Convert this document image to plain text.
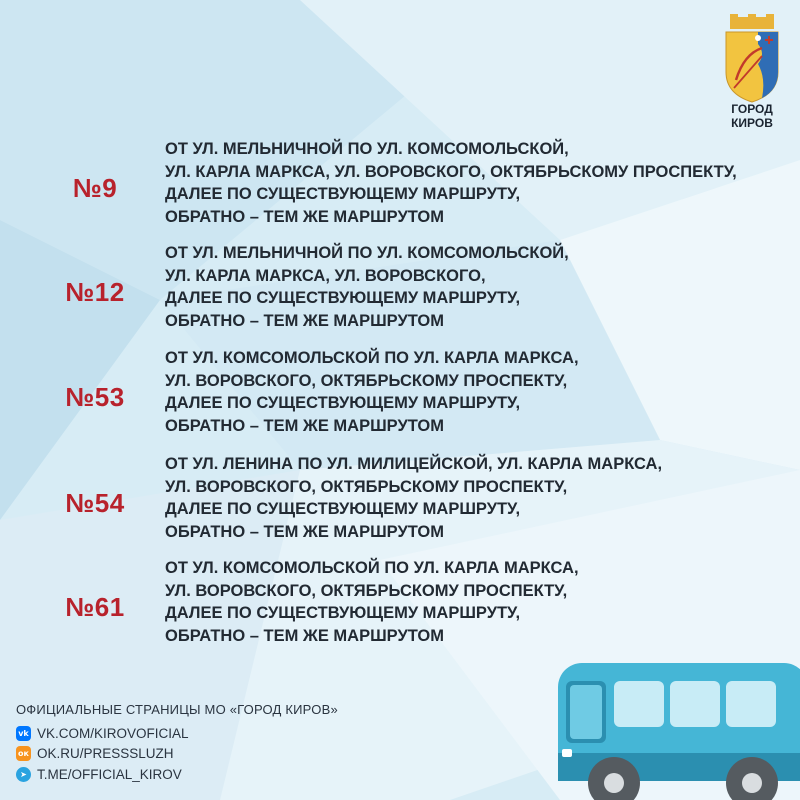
ГОРОД
КИРОВ
№9
ОТ УЛ. МЕЛЬНИЧНОЙ ПО УЛ. КОМСОМОЛЬСКОЙ,
УЛ. КАРЛА МАРКСА, УЛ. ВОРОВСКОГО, ОКТЯБРЬСКОМУ ПРОСПЕКТУ,
ДАЛЕЕ ПО СУЩЕСТВУЮЩЕМУ МАРШРУТУ,
ОБРАТНО – ТЕМ ЖЕ МАРШРУТОМ
№12
ОТ УЛ. МЕЛЬНИЧНОЙ ПО УЛ. КОМСОМОЛЬСКОЙ,
УЛ. КАРЛА МАРКСА, УЛ. ВОРОВСКОГО,
ДАЛЕЕ ПО СУЩЕСТВУЮЩЕМУ МАРШРУТУ,
ОБРАТНО – ТЕМ ЖЕ МАРШРУТОМ
№53
ОТ УЛ. КОМСОМОЛЬСКОЙ ПО УЛ. КАРЛА МАРКСА,
УЛ. ВОРОВСКОГО, ОКТЯБРЬСКОМУ ПРОСПЕКТУ,
ДАЛЕЕ ПО СУЩЕСТВУЮЩЕМУ МАРШРУТУ,
ОБРАТНО – ТЕМ ЖЕ МАРШРУТОМ
№54
ОТ УЛ. ЛЕНИНА ПО УЛ. МИЛИЦЕЙСКОЙ, УЛ. КАРЛА МАРКСА,
УЛ. ВОРОВСКОГО, ОКТЯБРЬСКОМУ ПРОСПЕКТУ,
ДАЛЕЕ ПО СУЩЕСТВУЮЩЕМУ МАРШРУТУ,
ОБРАТНО – ТЕМ ЖЕ МАРШРУТОМ
№61
ОТ УЛ. КОМСОМОЛЬСКОЙ ПО УЛ. КАРЛА МАРКСА,
УЛ. ВОРОВСКОГО, ОКТЯБРЬСКОМУ ПРОСПЕКТУ,
ДАЛЕЕ ПО СУЩЕСТВУЮЩЕМУ МАРШРУТУ,
ОБРАТНО – ТЕМ ЖЕ МАРШРУТОМ
ОФИЦИАЛЬНЫЕ СТРАНИЦЫ МО «ГОРОД КИРОВ»
vk VK.COM/KIROVOFICIAL
ок OK.RU/PRESSSLUZH
➤ T.ME/OFFICIAL_KIROV
